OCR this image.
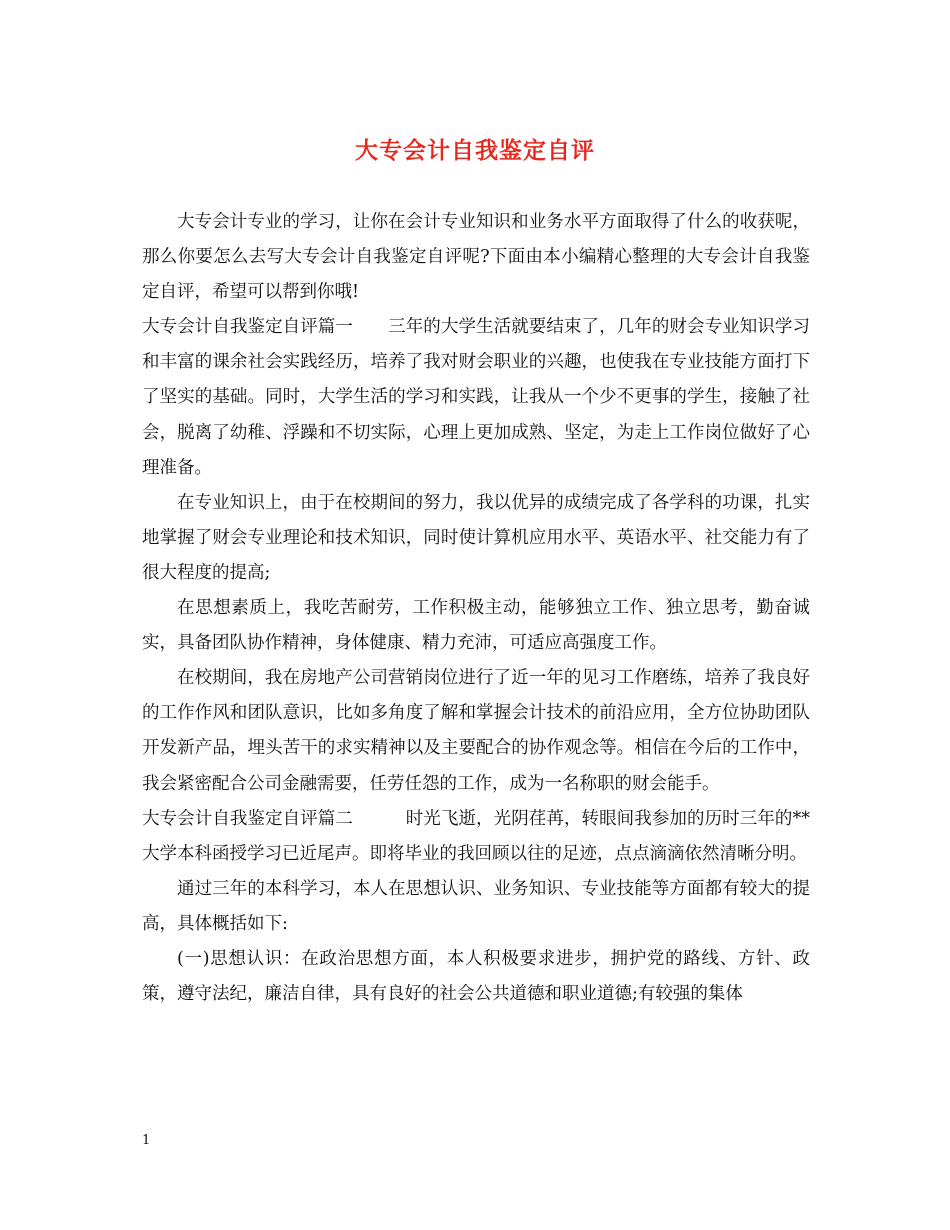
大专会计自我鉴定自评

大专会计专业的学习，让你在会计专业知识和业务水平方面取得了什么的收获呢，那么你要怎么去写大专会计自我鉴定自评呢?下面由本小编精心整理的大专会计自我鉴定自评，希望可以帮到你哦!

大专会计自我鉴定自评篇一　　三年的大学生活就要结束了，几年的财会专业知识学习和丰富的课余社会实践经历，培养了我对财会职业的兴趣，也使我在专业技能方面打下了坚实的基础。同时，大学生活的学习和实践，让我从一个少不更事的学生，接触了社会，脱离了幼稚、浮躁和不切实际，心理上更加成熟、坚定，为走上工作岗位做好了心理准备。

在专业知识上，由于在校期间的努力，我以优异的成绩完成了各学科的功课，扎实地掌握了财会专业理论和技术知识，同时使计算机应用水平、英语水平、社交能力有了很大程度的提高;

在思想素质上，我吃苦耐劳，工作积极主动，能够独立工作、独立思考，勤奋诚实，具备团队协作精神，身体健康、精力充沛，可适应高强度工作。

在校期间，我在房地产公司营销岗位进行了近一年的见习工作磨练，培养了我良好的工作作风和团队意识，比如多角度了解和掌握会计技术的前沿应用，全方位协助团队开发新产品，埋头苦干的求实精神以及主要配合的协作观念等。相信在今后的工作中，我会紧密配合公司金融需要，任劳任怨的工作，成为一名称职的财会能手。

大专会计自我鉴定自评篇二　　　时光飞逝，光阴荏苒，转眼间我参加的历时三年的**大学本科函授学习已近尾声。即将毕业的我回顾以往的足迹，点点滴滴依然清晰分明。

通过三年的本科学习，本人在思想认识、业务知识、专业技能等方面都有较大的提高，具体概括如下:

(一)思想认识：在政治思想方面，本人积极要求进步，拥护党的路线、方针、政策，遵守法纪，廉洁自律，具有良好的社会公共道德和职业道德;有较强的集体

1
